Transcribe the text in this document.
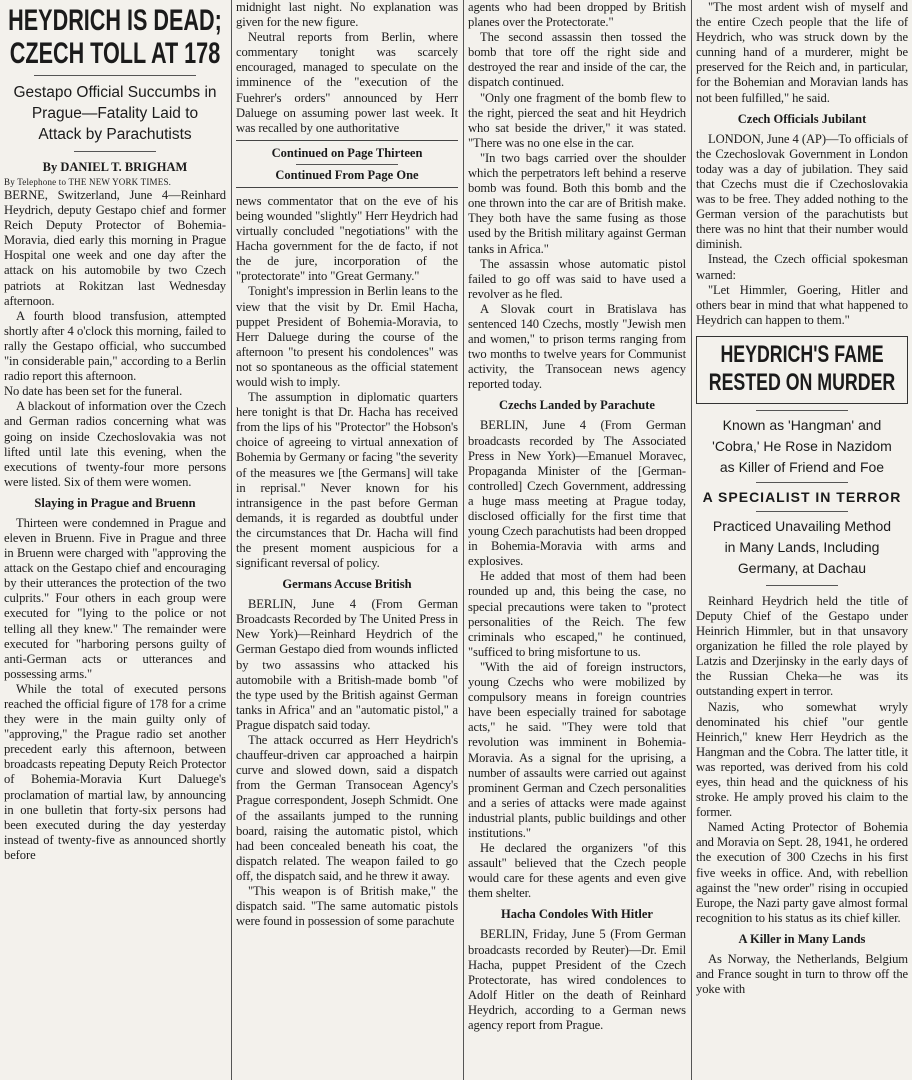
HEYDRICH IS DEAD;
CZECH TOLL AT 178
Gestapo Official Succumbs in
Prague—Fatality Laid to
Attack by Parachutists
By DANIEL T. BRIGHAM
By Telephone to THE NEW YORK TIMES.

BERNE, Switzerland, June 4—Reinhard Heydrich, deputy Gestapo chief and former Reich Deputy Protector of Bohemia-Moravia, died early this morning in Prague Hospital one week and one day after the attack on his automobile by two Czech patriots at Rokitzan last Wednesday afternoon.

A fourth blood transfusion, attempted shortly after 4 o'clock this morning, failed to rally the Gestapo official, who succumbed "in considerable pain," according to a Berlin radio report this afternoon.

No date has been set for the funeral.

A blackout of information over the Czech and German radios concerning what was going on inside Czechoslovakia was not lifted until late this evening, when the executions of twenty-four more persons were listed. Six of them were women.

Slaying in Prague and Bruenn

Thirteen were condemned in Prague and eleven in Bruenn. Five in Prague and three in Bruenn were charged with "approving the attack on the Gestapo chief and encouraging by their utterances the protection of the two culprits." Four others in each group were executed for "lying to the police or not telling all they knew." The remainder were executed for "harboring persons guilty of anti-German acts or utterances and possessing arms."

While the total of executed persons reached the official figure of 178 for a crime they were in the main guilty only of "approving," the Prague radio set another precedent early this afternoon, between broadcasts repeating Deputy Reich Protector of Bohemia-Moravia Kurt Daluege's proclamation of martial law, by announcing in one bulletin that forty-six persons had been executed during the day yesterday instead of twenty-five as announced shortly before

midnight last night. No explanation was given for the new figure.

Neutral reports from Berlin, where commentary tonight was scarcely encouraged, managed to speculate on the imminence of the "execution of the Fuehrer's orders" announced by Herr Daluege on assuming power last week. It was recalled by one authoritative

Continued on Page Thirteen
Continued From Page One

news commentator that on the eve of his being wounded "slightly" Herr Heydrich had virtually concluded "negotiations" with the Hacha government for the de facto, if not the de jure, incorporation of the "protectorate" into "Great Germany."

Tonight's impression in Berlin leans to the view that the visit by Dr. Emil Hacha, puppet President of Bohemia-Moravia, to Herr Daluege during the course of the afternoon "to present his condolences" was not so spontaneous as the official statement would wish to imply.

The assumption in diplomatic quarters here tonight is that Dr. Hacha has received from the lips of his "Protector" the Hobson's choice of agreeing to virtual annexation of Bohemia by Germany or facing "the severity of the measures we [the Germans] will take in reprisal." Never known for his intransigence in the past before German demands, it is regarded as doubtful under the circumstances that Dr. Hacha will find the present moment auspicious for a significant reversal of policy.

Germans Accuse British

BERLIN, June 4 (From German Broadcasts Recorded by The United Press in New York)—Reinhard Heydrich of the German Gestapo died from wounds inflicted by two assassins who attacked his automobile with a British-made bomb "of the type used by the British against German tanks in Africa" and an "automatic pistol," a Prague dispatch said today.

The attack occurred as Herr Heydrich's chauffeur-driven car approached a hairpin curve and slowed down, said a dispatch from the German Transocean Agency's Prague correspondent, Joseph Schmidt. One of the assailants jumped to the running board, raising the automatic pistol, which had been concealed beneath his coat, the dispatch related. The weapon failed to go off, the dispatch said, and he threw it away.

"This weapon is of British make," the dispatch said. "The same automatic pistols were found in possession of some parachute

agents who had been dropped by British planes over the Protectorate."

The second assassin then tossed the bomb that tore off the right side and destroyed the rear and inside of the car, the dispatch continued.

"Only one fragment of the bomb flew to the right, pierced the seat and hit Heydrich who sat beside the driver," it was stated. "There was no one else in the car.

"In two bags carried over the shoulder which the perpetrators left behind a reserve bomb was found. Both this bomb and the one thrown into the car are of British make. They both have the same fusing as those used by the British military against German tanks in Africa."

The assassin whose automatic pistol failed to go off was said to have used a revolver as he fled.

A Slovak court in Bratislava has sentenced 140 Czechs, mostly "Jewish men and women," to prison terms ranging from two months to twelve years for Communist activity, the Transocean news agency reported today.

Czechs Landed by Parachute

BERLIN, June 4 (From German broadcasts recorded by The Associated Press in New York)—Emanuel Moravec, Propaganda Minister of the [German-controlled] Czech Government, addressing a huge mass meeting at Prague today, disclosed officially for the first time that young Czech parachutists had been dropped in Bohemia-Moravia with arms and explosives.

He added that most of them had been rounded up and, this being the case, no special precautions were taken to "protect personalities of the Reich. The few criminals who escaped," he continued, "sufficed to bring misfortune to us.

"With the aid of foreign instructors, young Czechs who were mobilized by compulsory means in foreign countries have been especially trained for sabotage acts," he said. "They were told that revolution was imminent in Bohemia-Moravia. As a signal for the uprising, a number of assaults were carried out against prominent German and Czech personalities and a series of attacks were made against industrial plants, public buildings and other institutions."

He declared the organizers "of this assault" believed that the Czech people would care for these agents and even give them shelter.

Hacha Condoles With Hitler

BERLIN, Friday, June 5 (From German broadcasts recorded by Reuter)—Dr. Emil Hacha, puppet President of the Czech Protectorate, has wired condolences to Adolf Hitler on the death of Reinhard Heydrich, according to a German news agency report from Prague.

"The most ardent wish of myself and the entire Czech people that the life of Heydrich, who was struck down by the cunning hand of a murderer, might be preserved for the Reich and, in particular, for the Bohemian and Moravian lands has not been fulfilled," he said.

Czech Officials Jubilant

LONDON, June 4 (AP)—To officials of the Czechoslovak Government in London today was a day of jubilation. They said that Czechs must die if Czechoslovakia was to be free. They added nothing to the German version of the parachutists but there was no hint that their number would diminish.

Instead, the Czech official spokesman warned:

"Let Himmler, Goering, Hitler and others bear in mind that what happened to Heydrich can happen to them."

HEYDRICH'S FAME
RESTED ON MURDER
Known as 'Hangman' and
'Cobra,' He Rose in Nazidom
as Killer of Friend and Foe
A SPECIALIST IN TERROR
Practiced Unavailing Method
in Many Lands, Including
Germany, at Dachau

Reinhard Heydrich held the title of Deputy Chief of the Gestapo under Heinrich Himmler, but in that unsavory organization he filled the role played by Latzis and Dzerjinsky in the early days of the Russian Cheka—he was its outstanding expert in terror.

Nazis, who somewhat wryly denominated his chief "our gentle Heinrich," knew Herr Heydrich as the Hangman and the Cobra. The latter title, it was reported, was derived from his cold eyes, thin head and the quickness of his stroke. He amply proved his claim to the former.

Named Acting Protector of Bohemia and Moravia on Sept. 28, 1941, he ordered the execution of 300 Czechs in his first five weeks in office. And, with rebellion against the "new order" rising in occupied Europe, the Nazi party gave almost formal recognition to his status as its chief killer.

A Killer in Many Lands

As Norway, the Netherlands, Belgium and France sought in turn to throw off the yoke with
